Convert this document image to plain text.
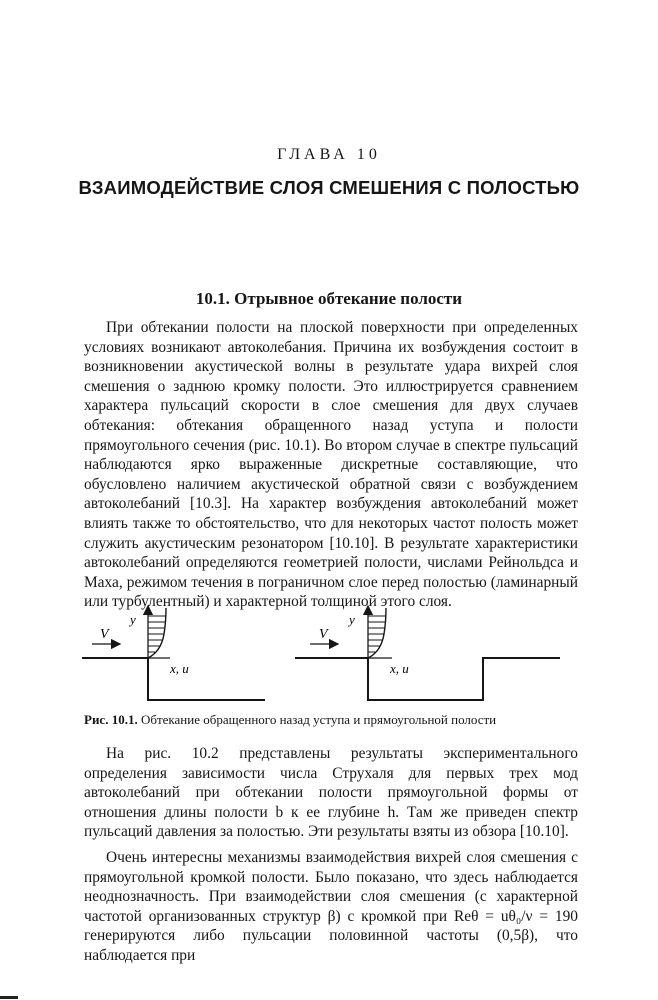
ГЛАВА 10
ВЗАИМОДЕЙСТВИЕ СЛОЯ СМЕШЕНИЯ С ПОЛОСТЬЮ
10.1. Отрывное обтекание полости

При обтекании полости на плоской поверхности при определенных условиях возникают автоколебания. Причина их возбуждения состоит в возникновении акустической волны в результате удара вихрей слоя смешения о заднюю кромку полости. Это иллюстрируется сравнением характера пульсаций скорости в слое смешения для двух случаев обтекания: обтекания обращенного назад уступа и полости прямоугольного сечения (рис. 10.1). Во втором случае в спектре пульсаций наблюдаются ярко выраженные дискретные составляющие, что обусловлено наличием акустической обратной связи с возбуждением автоколебаний [10.3]. На характер возбуждения автоколебаний может влиять также то обстоятельство, что для некоторых частот полость может служить акустическим резонатором [10.10]. В результате характеристики автоколебаний определяются геометрией полости, числами Рейнольдса и Маха, режимом течения в пограничном слое перед полостью (ламинарный или турбулентный) и характерной толщиной этого слоя.

V
y
x, u
V
y
x, u
Рис. 10.1. Обтекание обращенного назад уступа и прямоугольной полости

На рис. 10.2 представлены результаты экспериментального определения зависимости числа Струхаля для первых трех мод автоколебаний при обтекании полости прямоугольной формы от отношения длины полости b к ее глубине h. Там же приведен спектр пульсаций давления за полостью. Эти результаты взяты из обзора [10.10].

Очень интересны механизмы взаимодействия вихрей слоя смешения с прямоугольной кромкой полости. Было показано, что здесь наблюдается неоднозначность. При взаимодействии слоя смешения (с характерной частотой организованных структур β) с кромкой при Reθ = uθ₀/ν = 190 генерируются либо пульсации половинной частоты (0,5β), что наблюдается при
